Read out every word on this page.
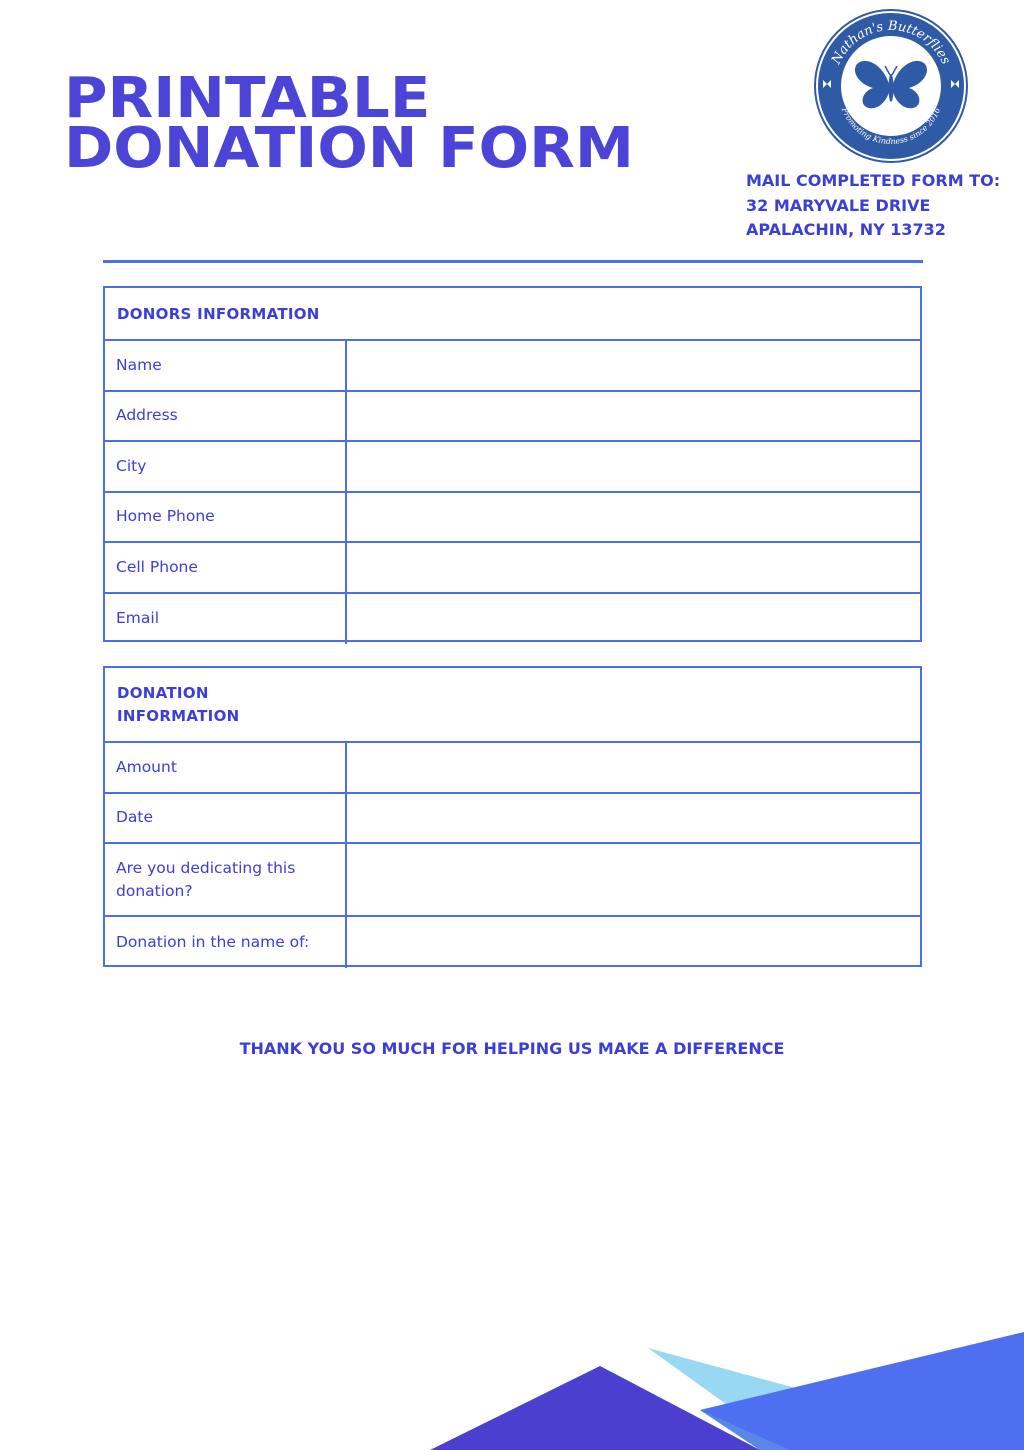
PRINTABLE
DONATION FORM
Nathan's Butterflies
Promoting Kindness since 2016
MAIL COMPLETED FORM TO:
32 MARYVALE DRIVE
APALACHIN, NY 13732
DONORS INFORMATION
Name
Address
City
Home Phone
Cell Phone
Email
DONATION
INFORMATION
Amount
Date
Are you dedicating this donation?
Donation in the name of:
THANK YOU SO MUCH FOR HELPING US MAKE A DIFFERENCE
